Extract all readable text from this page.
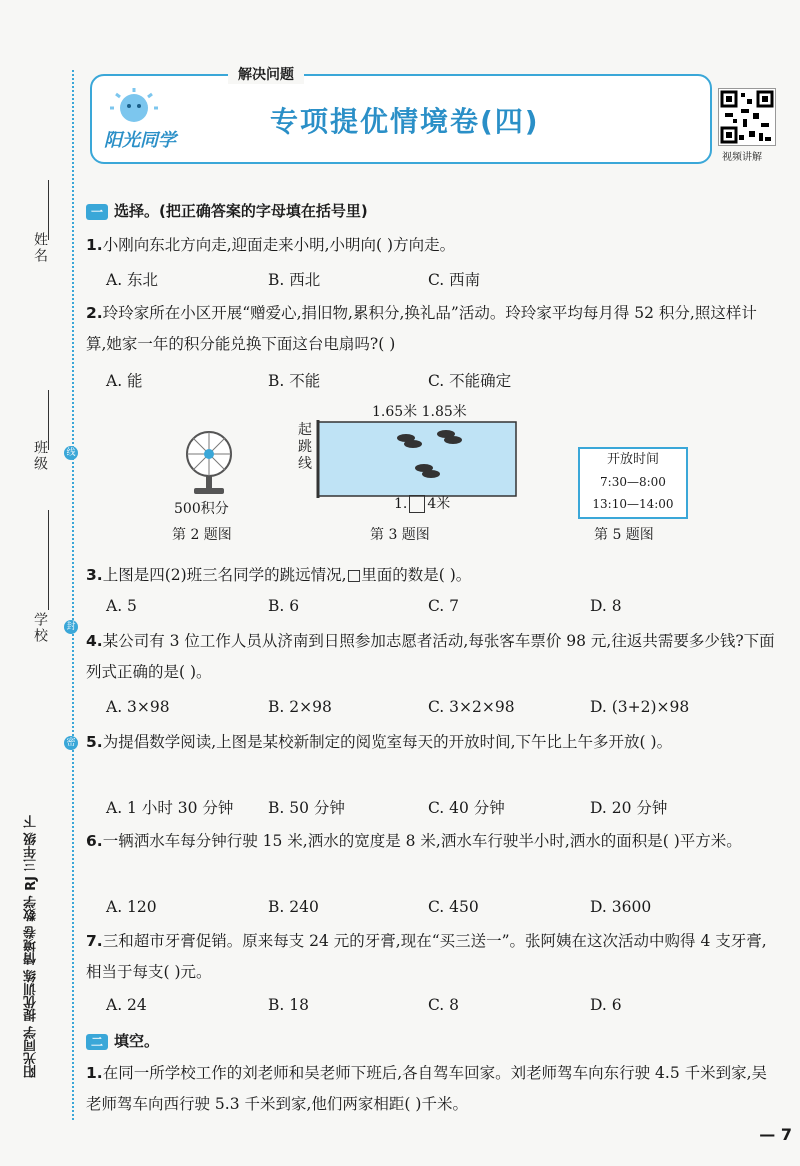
姓名
班级
学校
线
封
密
阳光同学 提优训练 情境卷 数学 RJ 三年级 下
解决问题
阳光同学
专项提优情境卷(四)
视频讲解
一 选择。(把正确答案的字母填在括号里)
1.小刚向东北方向走,迎面走来小明,小明向( )方向走。
A. 东北	B. 西北	C. 西南
2.玲玲家所在小区开展“赠爱心,捐旧物,累积分,换礼品”活动。玲玲家平均每月得 52 积分,照这样计算,她家一年的积分能兑换下面这台电扇吗?( )
A. 能	B. 不能	C. 不能确定
500积分
第 2 题图
1.65米 1.85米
起跳线
1. 4米
第 3 题图
开放时间
7:30—8:00
13:10—14:00
第 5 题图
3.上图是四(2)班三名同学的跳远情况,□里面的数是( )。
A. 5	B. 6	C. 7	D. 8
4.某公司有 3 位工作人员从济南到日照参加志愿者活动,每张客车票价 98 元,往返共需要多少钱?下面列式正确的是( )。
A. 3×98	B. 2×98	C. 3×2×98	D. (3+2)×98
5.为提倡数学阅读,上图是某校新制定的阅览室每天的开放时间,下午比上午多开放( )。
A. 1 小时 30 分钟 B. 50 分钟	C. 40 分钟	D. 20 分钟
6.一辆洒水车每分钟行驶 15 米,洒水的宽度是 8 米,洒水车行驶半小时,洒水的面积是( )平方米。
A. 120	B. 240	C. 450	D. 3600
7.三和超市牙膏促销。原来每支 24 元的牙膏,现在“买三送一”。张阿姨在这次活动中购得 4 支牙膏,相当于每支( )元。
A. 24	B. 18	C. 8	D. 6
二 填空。
1.在同一所学校工作的刘老师和吴老师下班后,各自驾车回家。刘老师驾车向东行驶 4.5 千米到家,吴老师驾车向西行驶 5.3 千米到家,他们两家相距( )千米。
— 7
